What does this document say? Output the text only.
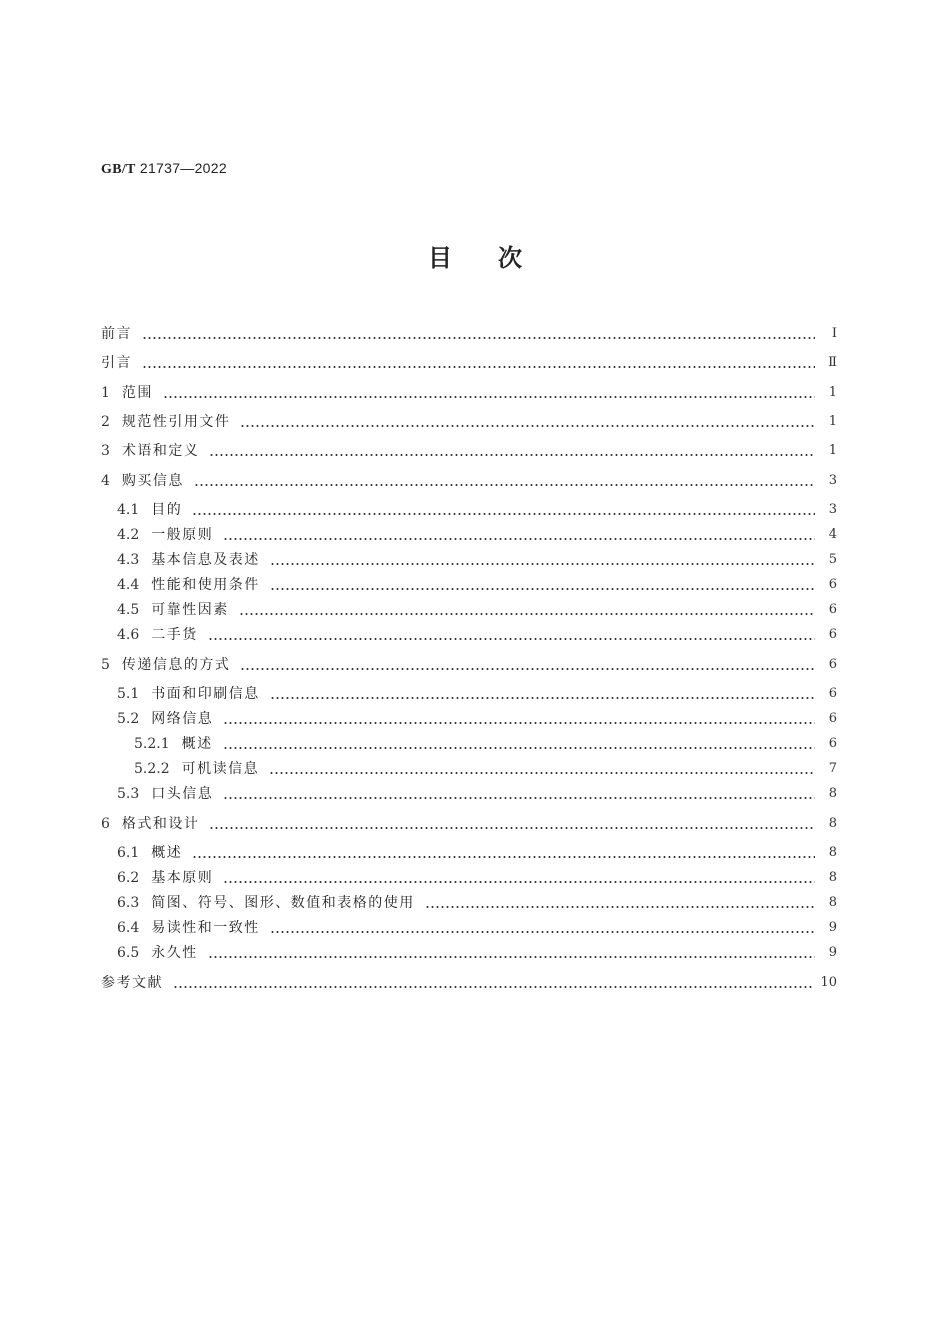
GB/T 21737—2022
目次
前言	Ⅰ
引言	Ⅱ
1 范围	1
2 规范性引用文件	1
3 术语和定义	1
4 购买信息	3
4.1 目的	3
4.2 一般原则	4
4.3 基本信息及表述	5
4.4 性能和使用条件	6
4.5 可靠性因素	6
4.6 二手货	6
5 传递信息的方式	6
5.1 书面和印刷信息	6
5.2 网络信息	6
5.2.1 概述	6
5.2.2 可机读信息	7
5.3 口头信息	8
6 格式和设计	8
6.1 概述	8
6.2 基本原则	8
6.3 简图、符号、图形、数值和表格的使用	8
6.4 易读性和一致性	9
6.5 永久性	9
参考文献	10
